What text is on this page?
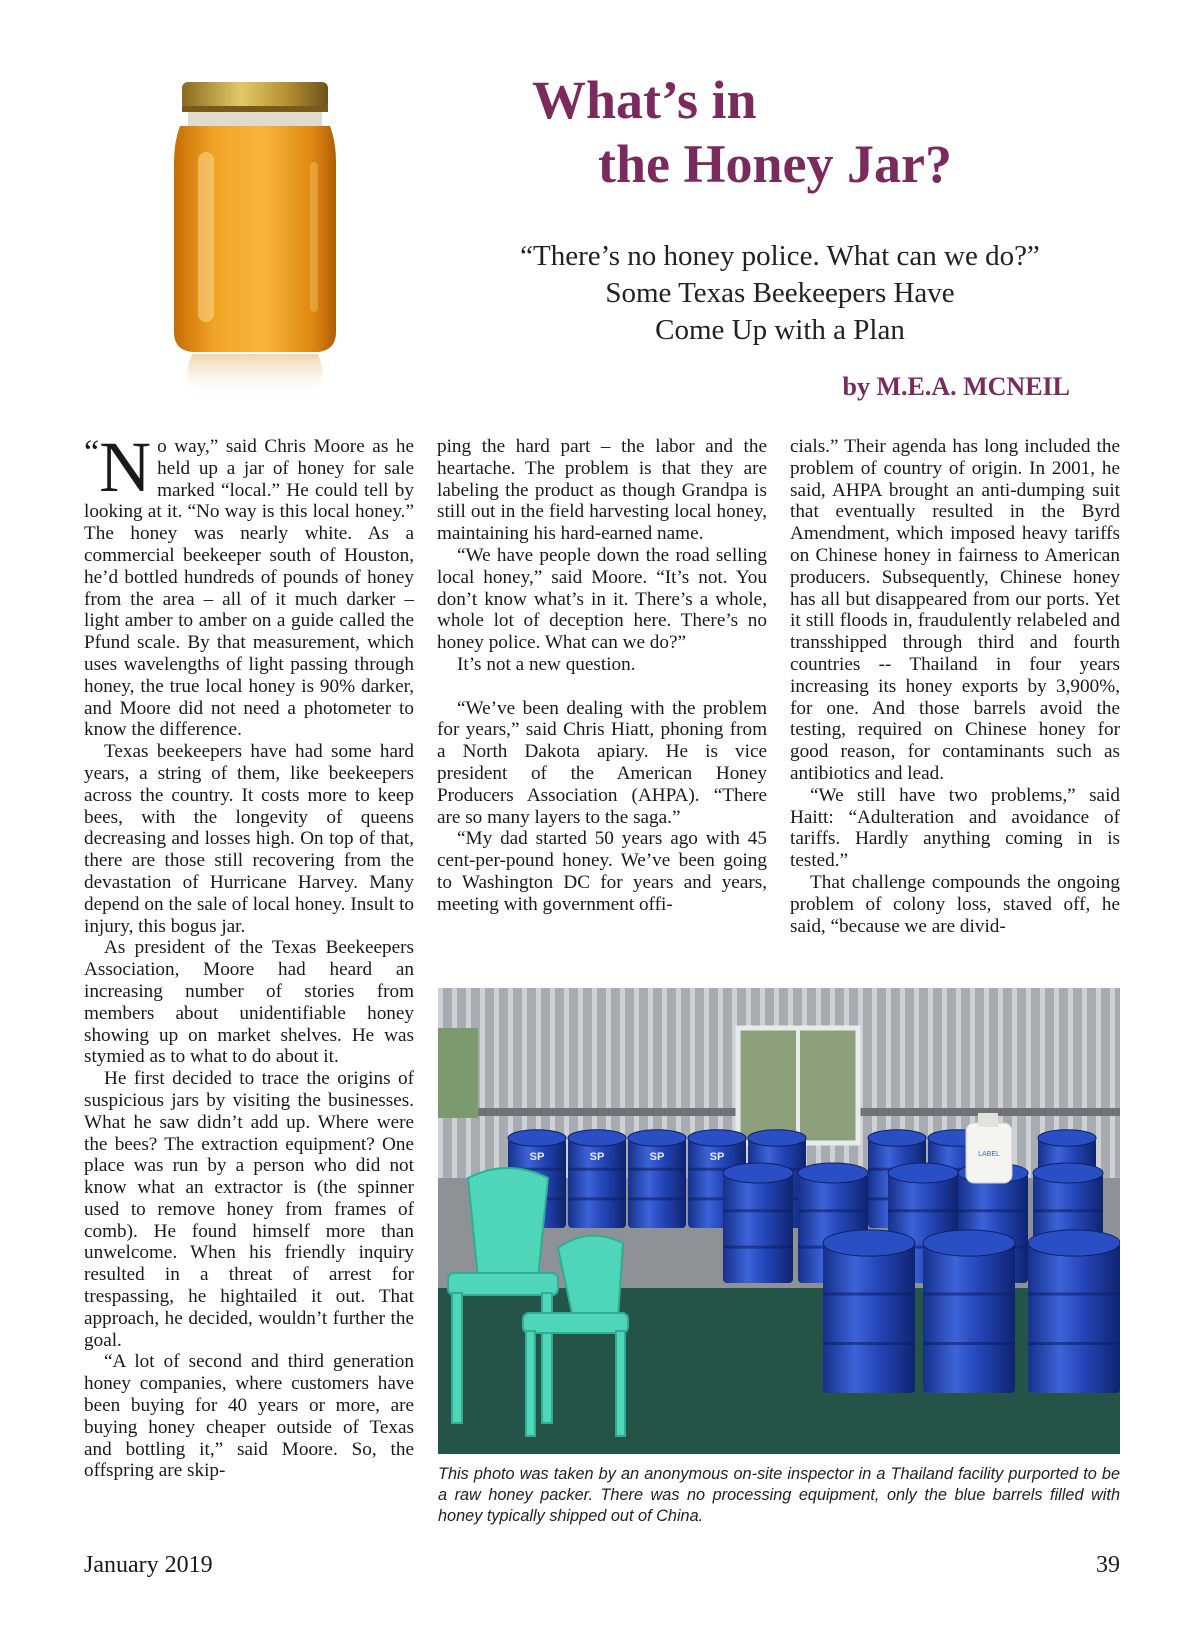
What’s in
the Honey Jar?
“There’s no honey police. What can we do?”
Some Texas Beekeepers Have
Come Up with a Plan
by M.E.A. MCNEIL

“N o way,” said Chris Moore as he held up a jar of honey for sale marked “local.” He could tell by looking at it. “No way is this local honey.” The honey was nearly white. As a commercial beekeeper south of Houston, he’d bottled hundreds of pounds of honey from the area – all of it much darker – light amber to amber on a guide called the Pfund scale. By that measurement, which uses wavelengths of light passing through honey, the true local honey is 90% darker, and Moore did not need a photometer to know the difference.

Texas beekeepers have had some hard years, a string of them, like beekeepers across the country. It costs more to keep bees, with the longevity of queens decreasing and losses high. On top of that, there are those still recovering from the devastation of Hurricane Harvey. Many depend on the sale of local honey. Insult to injury, this bogus jar.

As president of the Texas Beekeepers Association, Moore had heard an increasing number of stories from members about unidentifiable honey showing up on market shelves. He was stymied as to what to do about it.

He first decided to trace the origins of suspicious jars by visiting the businesses. What he saw didn’t add up. Where were the bees? The extraction equipment? One place was run by a person who did not know what an extractor is (the spinner used to remove honey from frames of comb). He found himself more than unwelcome. When his friendly inquiry resulted in a threat of arrest for trespassing, he hightailed it out. That approach, he decided, wouldn’t further the goal.

“A lot of second and third generation honey companies, where customers have been buying for 40 years or more, are buying honey cheaper outside of Texas and bottling it,” said Moore. So, the offspring are skip-

ping the hard part – the labor and the heartache. The problem is that they are labeling the product as though Grandpa is still out in the field harvesting local honey, maintaining his hard-earned name.

“We have people down the road selling local honey,” said Moore. “It’s not. You don’t know what’s in it. There’s a whole, whole lot of deception here. There’s no honey police. What can we do?”

It’s not a new question.

“We’ve been dealing with the problem for years,” said Chris Hiatt, phoning from a North Dakota apiary. He is vice president of the American Honey Producers Association (AHPA). “There are so many layers to the saga.”

“My dad started 50 years ago with 45 cent-per-pound honey. We’ve been going to Washington DC for years and years, meeting with government offi-

cials.” Their agenda has long included the problem of country of origin. In 2001, he said, AHPA brought an anti-dumping suit that eventually resulted in the Byrd Amendment, which imposed heavy tariffs on Chinese honey in fairness to American producers. Subsequently, Chinese honey has all but disappeared from our ports. Yet it still floods in, fraudulently relabeled and transshipped through third and fourth countries -- Thailand in four years increasing its honey exports by 3,900%, for one. And those barrels avoid the testing, required on Chinese honey for good reason, for contaminants such as antibiotics and lead.

“We still have two problems,” said Haitt: “Adulteration and avoidance of tariffs. Hardly anything coming in is tested.”

That challenge compounds the ongoing problem of colony loss, staved off, he said, “because we are divid-

SP	SP	SP	SP	LABEL

This photo was taken by an anonymous on-site inspector in a Thailand facility purported to be a raw honey packer. There was no processing equipment, only the blue barrels filled with honey typically shipped out of China.

January 2019	39
